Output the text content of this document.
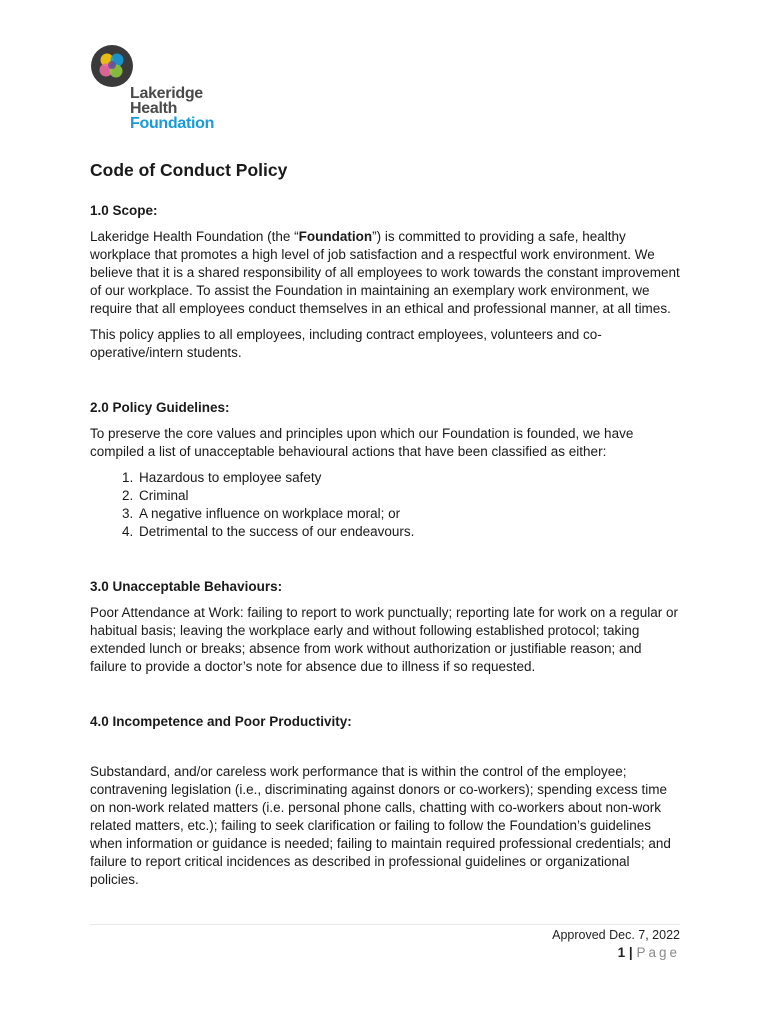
Lakeridge
Health
Foundation
Code of Conduct Policy
1.0 Scope:

Lakeridge Health Foundation (the “Foundation”) is committed to providing a safe, healthy workplace that promotes a high level of job satisfaction and a respectful work environment. We believe that it is a shared responsibility of all employees to work towards the constant improvement of our workplace. To assist the Foundation in maintaining an exemplary work environment, we require that all employees conduct themselves in an ethical and professional manner, at all times.

This policy applies to all employees, including contract employees, volunteers and co-operative/intern students.

2.0 Policy Guidelines:

To preserve the core values and principles upon which our Foundation is founded, we have compiled a list of unacceptable behavioural actions that have been classified as either:

1. Hazardous to employee safety
2. Criminal
3. A negative influence on workplace moral; or
4. Detrimental to the success of our endeavours.
3.0 Unacceptable Behaviours:

Poor Attendance at Work: failing to report to work punctually; reporting late for work on a regular or habitual basis; leaving the workplace early and without following established protocol; taking extended lunch or breaks; absence from work without authorization or justifiable reason; and failure to provide a doctor’s note for absence due to illness if so requested.

4.0 Incompetence and Poor Productivity:

Substandard, and/or careless work performance that is within the control of the employee; contravening legislation (i.e., discriminating against donors or co-workers); spending excess time on non-work related matters (i.e. personal phone calls, chatting with co-workers about non-work related matters, etc.); failing to seek clarification or failing to follow the Foundation’s guidelines when information or guidance is needed; failing to maintain required professional credentials; and failure to report critical incidences as described in professional guidelines or organizational policies.

Approved Dec. 7, 2022
1 | Page
